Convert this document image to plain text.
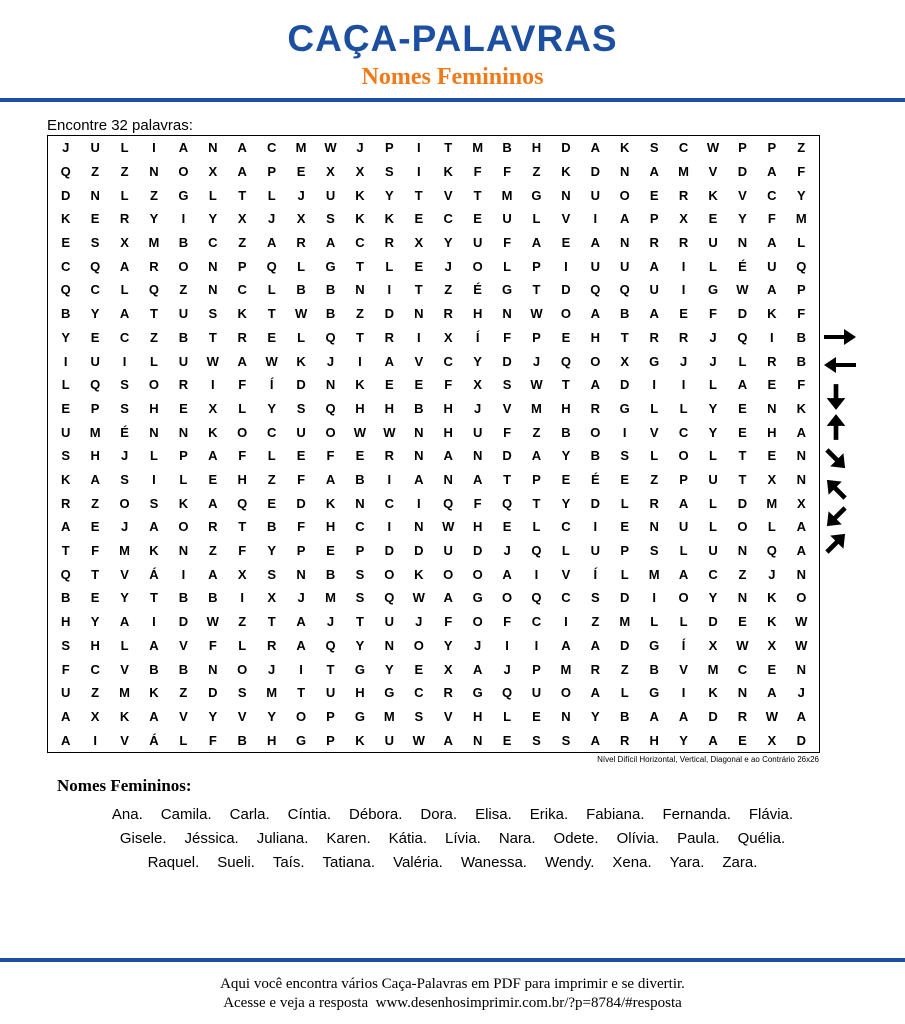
CAÇA-PALAVRAS
Nomes Femininos
Encontre 32 palavras:
J	U	L	I	A	N	A	C	M	W	J	P	I	T	M	B	H	D	A	K	S	C	W	P	P	Z
Q	Z	Z	N	O	X	A	P	E	X	X	S	I	K	F	F	Z	K	D	N	A	M	V	D	A	F
D	N	L	Z	G	L	T	L	J	U	K	Y	T	V	T	M	G	N	U	O	E	R	K	V	C	Y
K	E	R	Y	I	Y	X	J	X	S	K	K	E	C	E	U	L	V	I	A	P	X	E	Y	F	M
E	S	X	M	B	C	Z	A	R	A	C	R	X	Y	U	F	A	E	A	N	R	R	U	N	A	L
C	Q	A	R	O	N	P	Q	L	G	T	L	E	J	O	L	P	I	U	U	A	I	L	É	U	Q
Q	C	L	Q	Z	N	C	L	B	B	N	I	T	Z	É	G	T	D	Q	Q	U	I	G	W	A	P
B	Y	A	T	U	S	K	T	W	B	Z	D	N	R	H	N	W	O	A	B	A	E	F	D	K	F
Y	E	C	Z	B	T	R	E	L	Q	T	R	I	X	Í	F	P	E	H	T	R	R	J	Q	I	B
I	U	I	L	U	W	A	W	K	J	I	A	V	C	Y	D	J	Q	O	X	G	J	J	L	R	B
L	Q	S	O	R	I	F	Í	D	N	K	E	E	F	X	S	W	T	A	D	I	I	L	A	E	F
E	P	S	H	E	X	L	Y	S	Q	H	H	B	H	J	V	M	H	R	G	L	L	Y	E	N	K
U	M	É	N	N	K	O	C	U	O	W	W	N	H	U	F	Z	B	O	I	V	C	Y	E	H	A
S	H	J	L	P	A	F	L	E	F	E	R	N	A	N	D	A	Y	B	S	L	O	L	T	E	N
K	A	S	I	L	E	H	Z	F	A	B	I	A	N	A	T	P	E	É	E	Z	P	U	T	X	N
R	Z	O	S	K	A	Q	E	D	K	N	C	I	Q	F	Q	T	Y	D	L	R	A	L	D	M	X
A	E	J	A	O	R	T	B	F	H	C	I	N	W	H	E	L	C	I	E	N	U	L	O	L	A
T	F	M	K	N	Z	F	Y	P	E	P	D	D	U	D	J	Q	L	U	P	S	L	U	N	Q	A
Q	T	V	Á	I	A	X	S	N	B	S	O	K	O	O	A	I	V	Í	L	M	A	C	Z	J	N
B	E	Y	T	B	B	I	X	J	M	S	Q	W	A	G	O	Q	C	S	D	I	O	Y	N	K	O
H	Y	A	I	D	W	Z	T	A	J	T	U	J	F	O	F	C	I	Z	M	L	L	D	E	K	W
S	H	L	A	V	F	L	R	A	Q	Y	N	O	Y	J	I	I	A	A	D	G	Í	X	W	X	W
F	C	V	B	B	N	O	J	I	T	G	Y	E	X	A	J	P	M	R	Z	B	V	M	C	E	N
U	Z	M	K	Z	D	S	M	T	U	H	G	C	R	G	Q	U	O	A	L	G	I	K	N	A	J
A	X	K	A	V	Y	V	Y	O	P	G	M	S	V	H	L	E	N	Y	B	A	A	D	R	W	A
A	I	V	Á	L	F	B	H	G	P	K	U	W	A	N	E	S	S	A	R	H	Y	A	E	X	D
Nível Difícil Horizontal, Vertical, Diagonal e ao Contrário 26x26
Nomes Femininos:
Ana. Camila. Carla. Cíntia. Débora. Dora. Elisa. Erika. Fabiana. Fernanda. Flávia.
Gisele. Jéssica. Juliana. Karen. Kátia. Lívia. Nara. Odete. Olívia. Paula. Quélia.
Raquel. Sueli. Taís. Tatiana. Valéria. Wanessa. Wendy. Xena. Yara. Zara.
Aqui você encontra vários Caça-Palavras em PDF para imprimir e se divertir.
Acesse e veja a resposta  www.desenhosimprimir.com.br/?p=8784/#resposta
